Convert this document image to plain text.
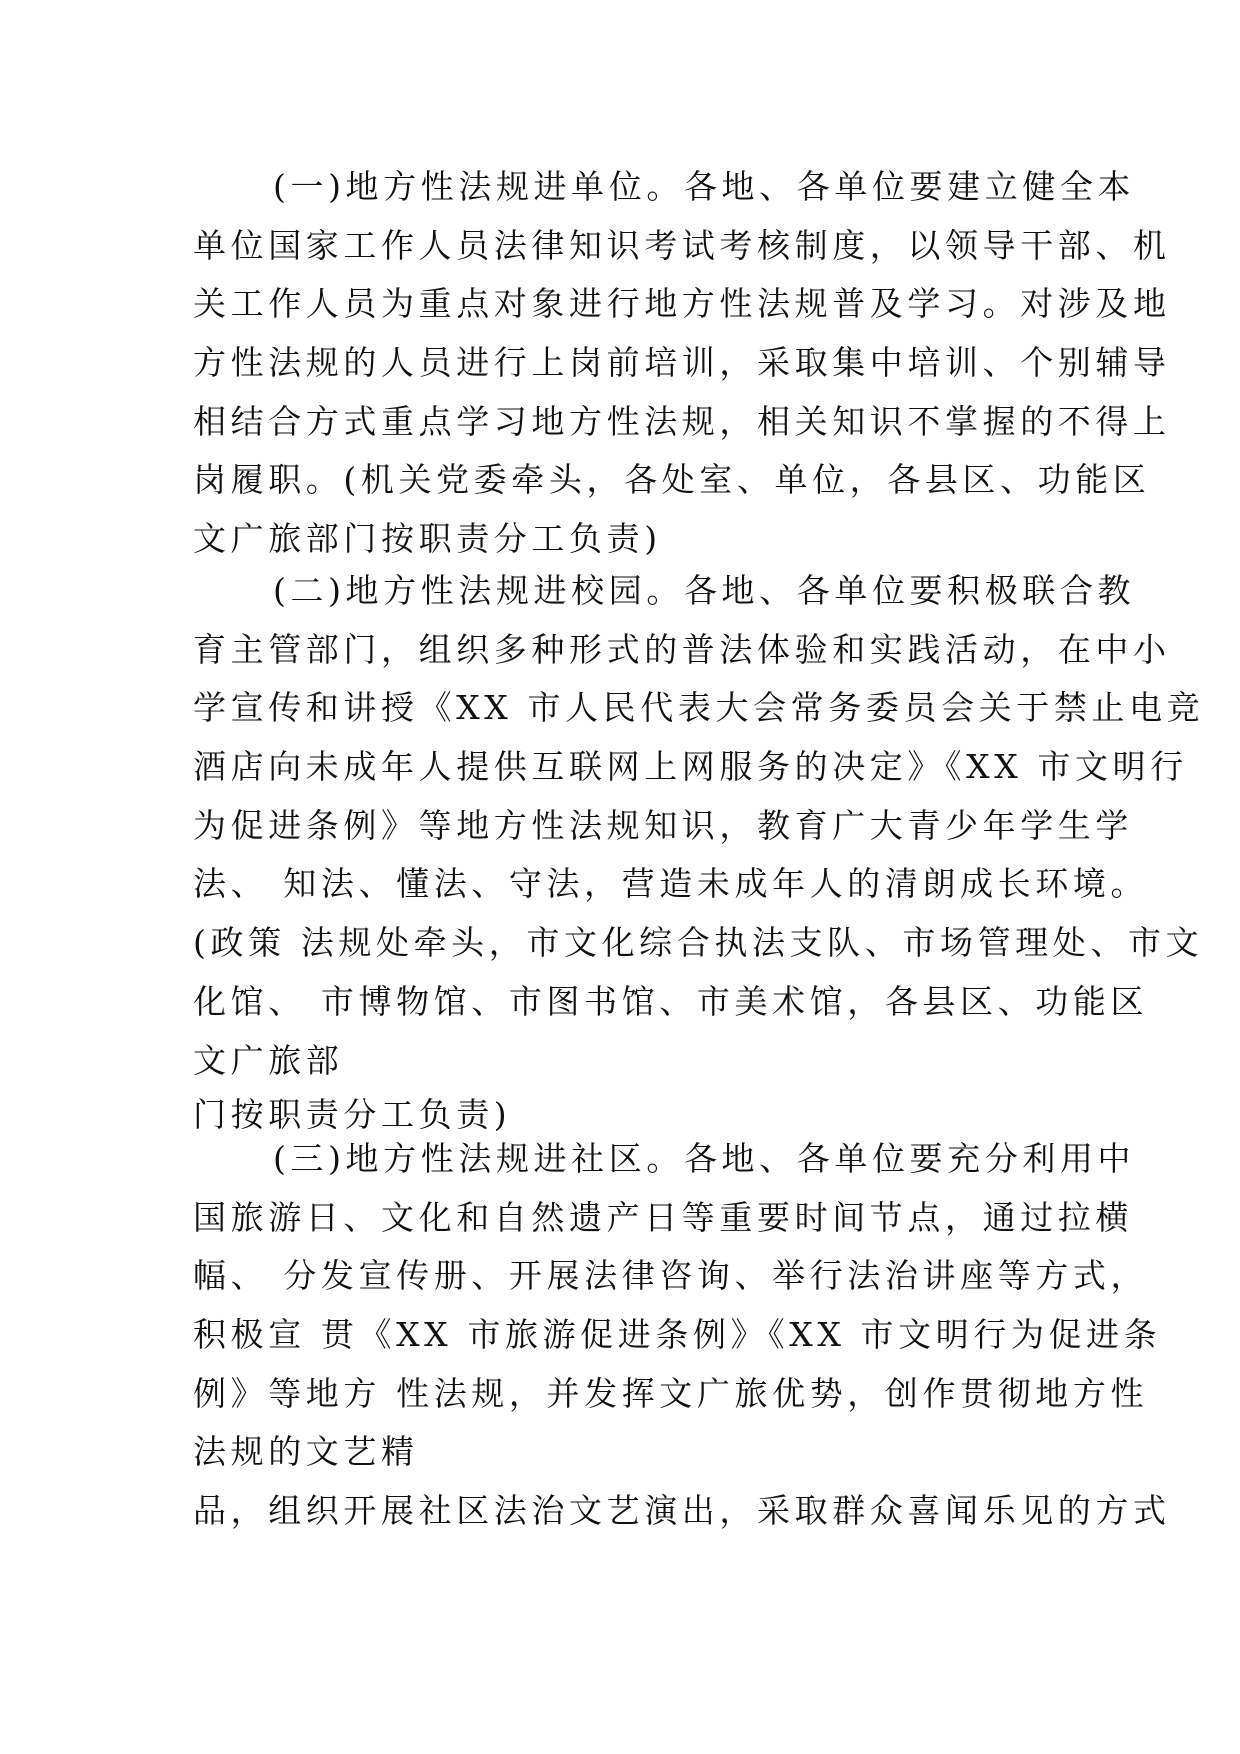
(一)地方性法规进单位。各地、各单位要建立健全本
单位国家工作人员法律知识考试考核制度，以领导干部、机
关工作人员为重点对象进行地方性法规普及学习。对涉及地
方性法规的人员进行上岗前培训，采取集中培训、个别辅导
相结合方式重点学习地方性法规，相关知识不掌握的不得上
岗履职。(机关党委牵头，各处室、单位，各县区、功能区
文广旅部门按职责分工负责)
(二)地方性法规进校园。各地、各单位要积极联合教
育主管部门，组织多种形式的普法体验和实践活动，在中小
学宣传和讲授《XX 市人民代表大会常务委员会关于禁止电竞
酒店向未成年人提供互联网上网服务的决定》《XX 市文明行
为促进条例》等地方性法规知识，教育广大青少年学生学
法、 知法、懂法、守法，营造未成年人的清朗成长环境。
(政策 法规处牵头，市文化综合执法支队、市场管理处、市文
化馆、 市博物馆、市图书馆、市美术馆，各县区、功能区
文广旅部
门按职责分工负责)
(三)地方性法规进社区。各地、各单位要充分利用中
国旅游日、文化和自然遗产日等重要时间节点，通过拉横
幅、 分发宣传册、开展法律咨询、举行法治讲座等方式，
积极宣 贯《XX 市旅游促进条例》《XX 市文明行为促进条
例》等地方 性法规，并发挥文广旅优势，创作贯彻地方性
法规的文艺精
品，组织开展社区法治文艺演出，采取群众喜闻乐见的方式
